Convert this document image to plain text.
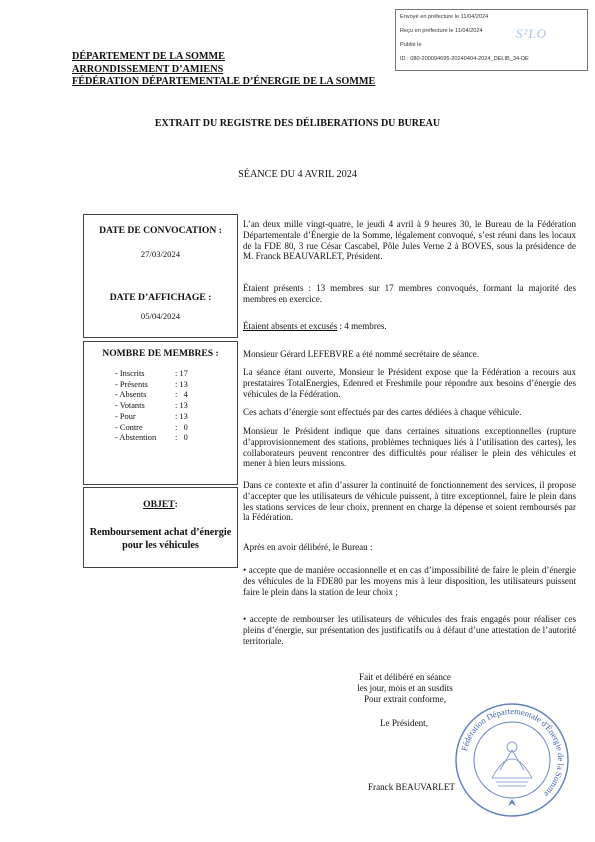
Envoyé en préfecture le 11/04/2024
Reçu en préfecture le 11/04/2024
Publié le
ID : 080-200094695-20240404-2024_DELIB_34-DE
S²LO
DÉPARTEMENT DE LA SOMME
ARRONDISSEMENT D’AMIENS
FÉDÉRATION DÉPARTEMENTALE D’ÉNERGIE DE LA SOMME
EXTRAIT DU REGISTRE DES DÉLIBERATIONS DU BUREAU
SÉANCE DU 4 AVRIL 2024
DATE DE CONVOCATION :
27/03/2024
DATE D’AFFICHAGE :
05/04/2024
NOMBRE DE MEMBRES :
- Inscrits	: 17
- Présents	: 13
- Absents	:   4
- Votants	: 13
- Pour	: 13
- Contre	:   0
- Abstention	:   0
OBJET:
Remboursement achat d’énergie pour les véhicules
L’an deux mille vingt-quatre, le jeudi 4 avril à 9 heures 30, le Bureau de la Fédération Départementale d’Énergie de la Somme, légalement convoqué, s’est réuni dans les locaux de la FDE 80, 3 rue César Cascabel, Pôle Jules Verne 2 à BOVES, sous la présidence de M. Franck BEAUVARLET, Président.
Étaient présents : 13 membres sur 17 membres convoqués, formant la majorité des membres en exercice.
Étaient absents et excusés : 4 membres.
Monsieur Gérard LEFEBVRE a été nommé secrétaire de séance.
La séance étant ouverte, Monsieur le Président expose que la Fédération a recours aux prestataires TotalEnergies, Edenred et Freshmile pour répondre aux besoins d’énergie des véhicules de la Fédération.
Ces achats d’énergie sont effectués par des cartes dédiées à chaque véhicule.
Monsieur le Président indique que dans certaines situations exceptionnelles (rupture d’approvisionnement des stations, problèmes techniques liés à l’utilisation des cartes), les collaborateurs peuvent rencontrer des difficultés pour réaliser le plein des véhicules et mener à bien leurs missions.
Dans ce contexte et afin d’assurer la continuité de fonctionnement des services, il propose d’accepter que les utilisateurs de véhicule puissent, à titre exceptionnel, faire le plein dans les stations services de leur choix, prennent en charge la dépense et soient remboursés par la Fédération.
Après en avoir délibéré, le Bureau :
• accepte que de manière occasionnelle et en cas d’impossibilité de faire le plein d’énergie des véhicules de la FDE80 par les moyens mis à leur disposition, les utilisateurs puissent faire le plein dans la station de leur choix ;
• accepte de rembourser les utilisateurs de véhicules des frais engagés pour réaliser ces pleins d’énergie, sur présentation des justificatifs ou à défaut d’une attestation de l’autorité territoriale.
Fait et délibéré en séance
les jour, mois et an susdits
Pour extrait conforme,
Le Président,
Franck BEAUVARLET
Fédération Départementale d'Énergie de la Somme
